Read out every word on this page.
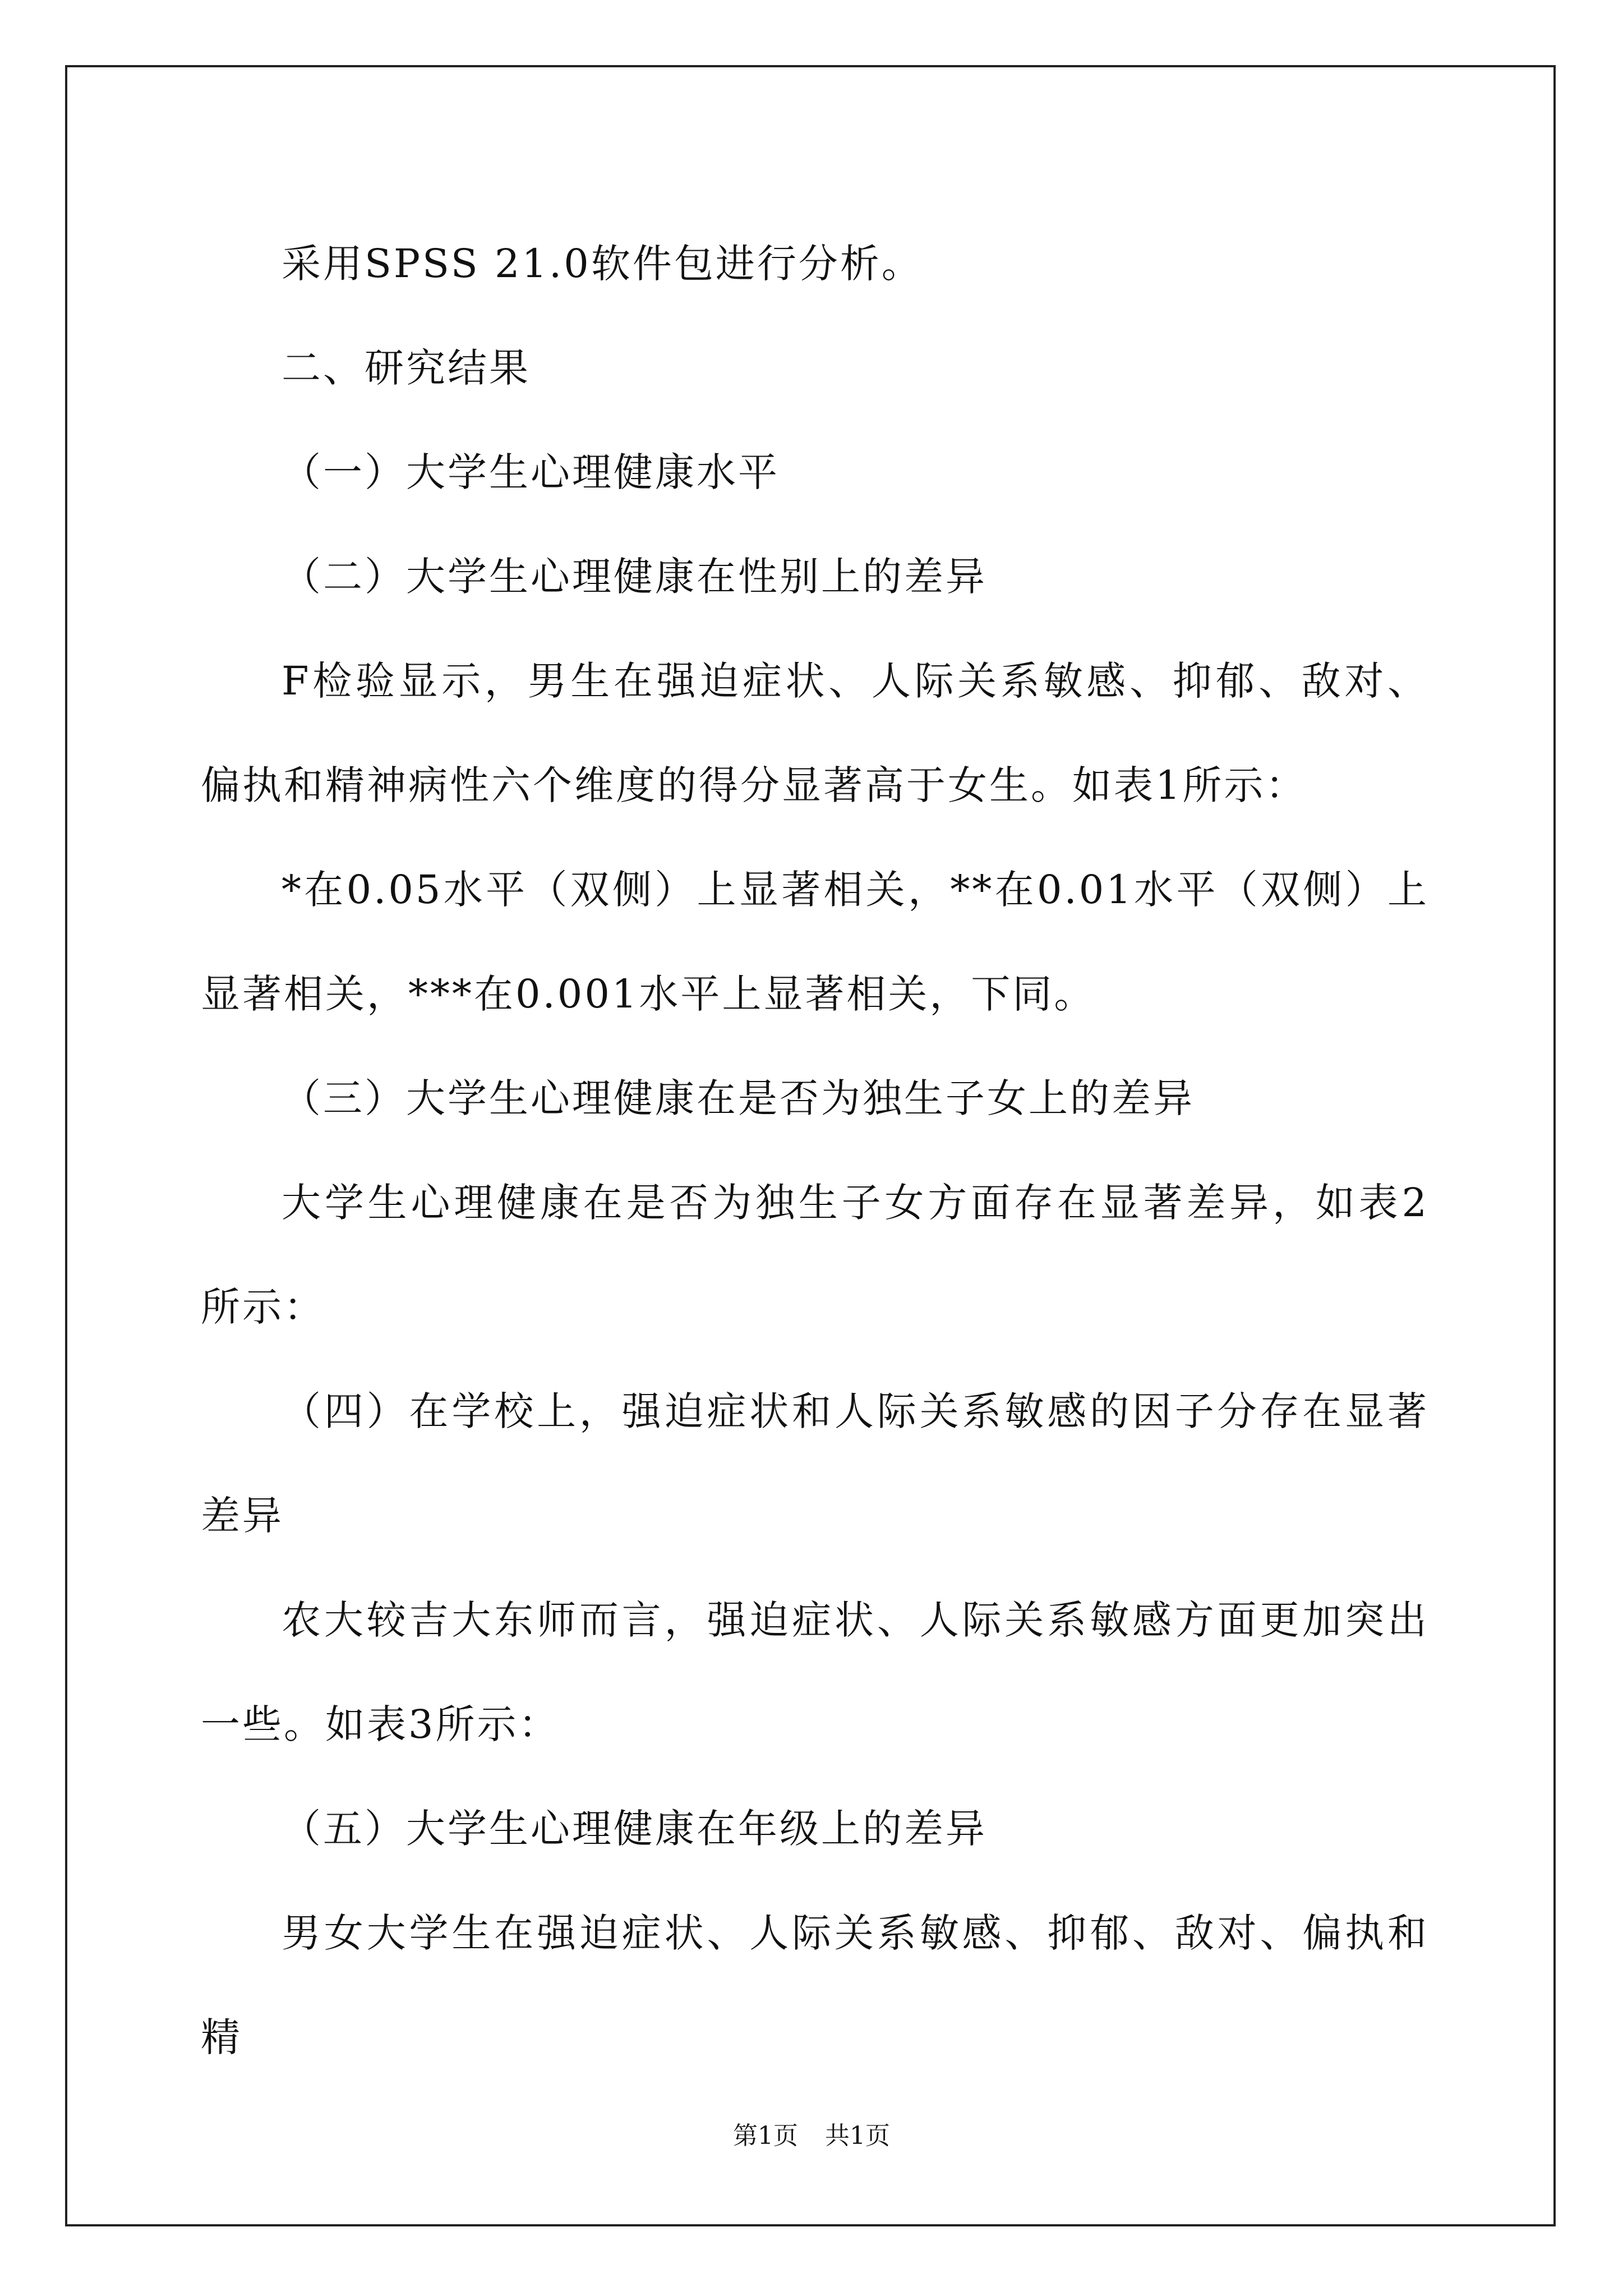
采用SPSS 21.0软件包进行分析。

二、研究结果

（一）大学生心理健康水平

（二）大学生心理健康在性别上的差异

F检验显示，男生在强迫症状、人际关系敏感、抑郁、敌对、偏执和精神病性六个维度的得分显著高于女生。如表1所示：

*在0.05水平（双侧）上显著相关，**在0.01水平（双侧）上显著相关，***在0.001水平上显著相关，下同。

（三）大学生心理健康在是否为独生子女上的差异

大学生心理健康在是否为独生子女方面存在显著差异，如表2所示：

（四）在学校上，强迫症状和人际关系敏感的因子分存在显著差异

农大较吉大东师而言，强迫症状、人际关系敏感方面更加突出一些。如表3所示：

（五）大学生心理健康在年级上的差异

男女大学生在强迫症状、人际关系敏感、抑郁、敌对、偏执和精

第1页 共1页
